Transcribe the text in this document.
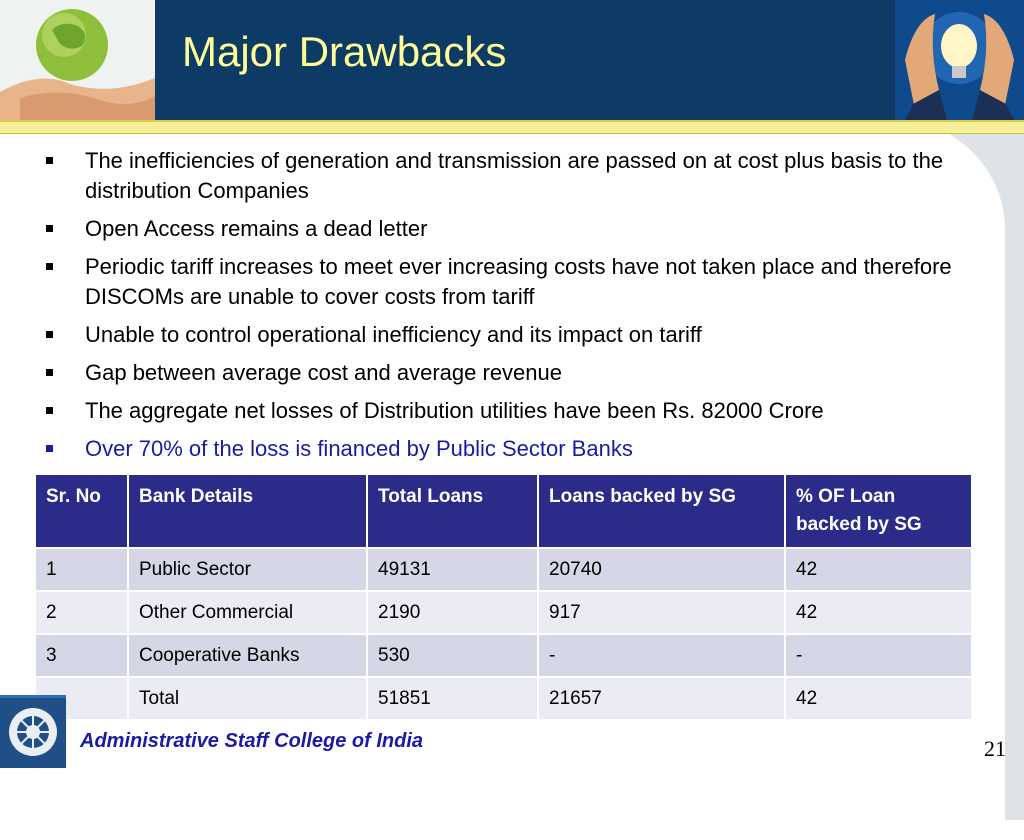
Major Drawbacks
The inefficiencies of generation and transmission are passed on at cost plus basis to the distribution Companies
Open Access remains a dead letter
Periodic tariff increases to meet ever increasing costs have not taken place and therefore DISCOMs are unable to cover costs from tariff
Unable to control operational inefficiency and its impact on tariff
Gap between average cost and average revenue
The aggregate net losses of Distribution utilities have been Rs. 82000 Crore
Over 70% of the loss is financed by Public Sector Banks
Sr. No	Bank Details	Total Loans	Loans backed by SG	% OF Loan backed by SG
1	Public Sector	49131	20740	42
2	Other Commercial	2190	917	42
3	Cooperative Banks	530	-	-
	Total	51851	21657	42

Administrative Staff College of India	21
